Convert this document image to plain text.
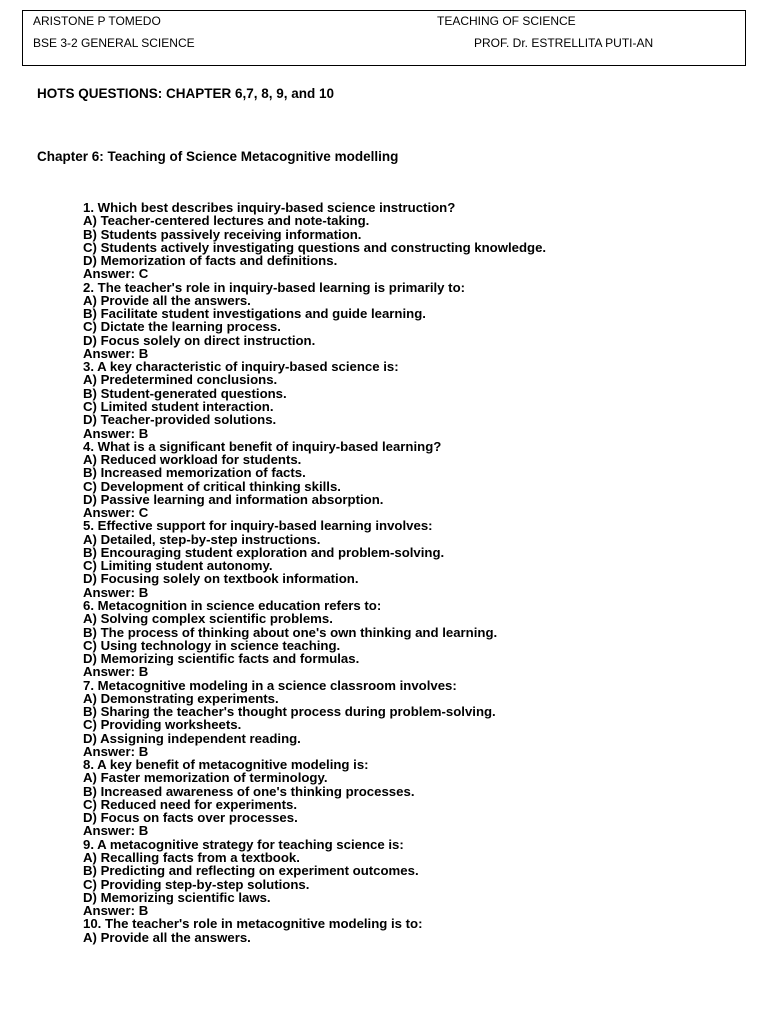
ARISTONE P TOMEDO	TEACHING OF SCIENCE
BSE 3-2 GENERAL SCIENCE	PROF. Dr. ESTRELLITA PUTI-AN
HOTS QUESTIONS: CHAPTER 6,7, 8, 9, and 10
Chapter 6: Teaching of Science Metacognitive modelling
1. Which best describes inquiry-based science instruction?
A) Teacher-centered lectures and note-taking.
B) Students passively receiving information.
C) Students actively investigating questions and constructing knowledge.
D) Memorization of facts and definitions.
Answer: C
2. The teacher's role in inquiry-based learning is primarily to:
A) Provide all the answers.
B) Facilitate student investigations and guide learning.
C) Dictate the learning process.
D) Focus solely on direct instruction.
Answer: B
3. A key characteristic of inquiry-based science is:
A) Predetermined conclusions.
B) Student-generated questions.
C) Limited student interaction.
D) Teacher-provided solutions.
Answer: B
4. What is a significant benefit of inquiry-based learning?
A) Reduced workload for students.
B) Increased memorization of facts.
C) Development of critical thinking skills.
D) Passive learning and information absorption.
Answer: C
5. Effective support for inquiry-based learning involves:
A) Detailed, step-by-step instructions.
B) Encouraging student exploration and problem-solving.
C) Limiting student autonomy.
D) Focusing solely on textbook information.
Answer: B
6. Metacognition in science education refers to:
A) Solving complex scientific problems.
B) The process of thinking about one's own thinking and learning.
C) Using technology in science teaching.
D) Memorizing scientific facts and formulas.
Answer: B
7. Metacognitive modeling in a science classroom involves:
A) Demonstrating experiments.
B) Sharing the teacher's thought process during problem-solving.
C) Providing worksheets.
D) Assigning independent reading.
Answer: B
8. A key benefit of metacognitive modeling is:
A) Faster memorization of terminology.
B) Increased awareness of one's thinking processes.
C) Reduced need for experiments.
D) Focus on facts over processes.
Answer: B
9. A metacognitive strategy for teaching science is:
A) Recalling facts from a textbook.
B) Predicting and reflecting on experiment outcomes.
C) Providing step-by-step solutions.
D) Memorizing scientific laws.
Answer: B
10. The teacher's role in metacognitive modeling is to:
A) Provide all the answers.
